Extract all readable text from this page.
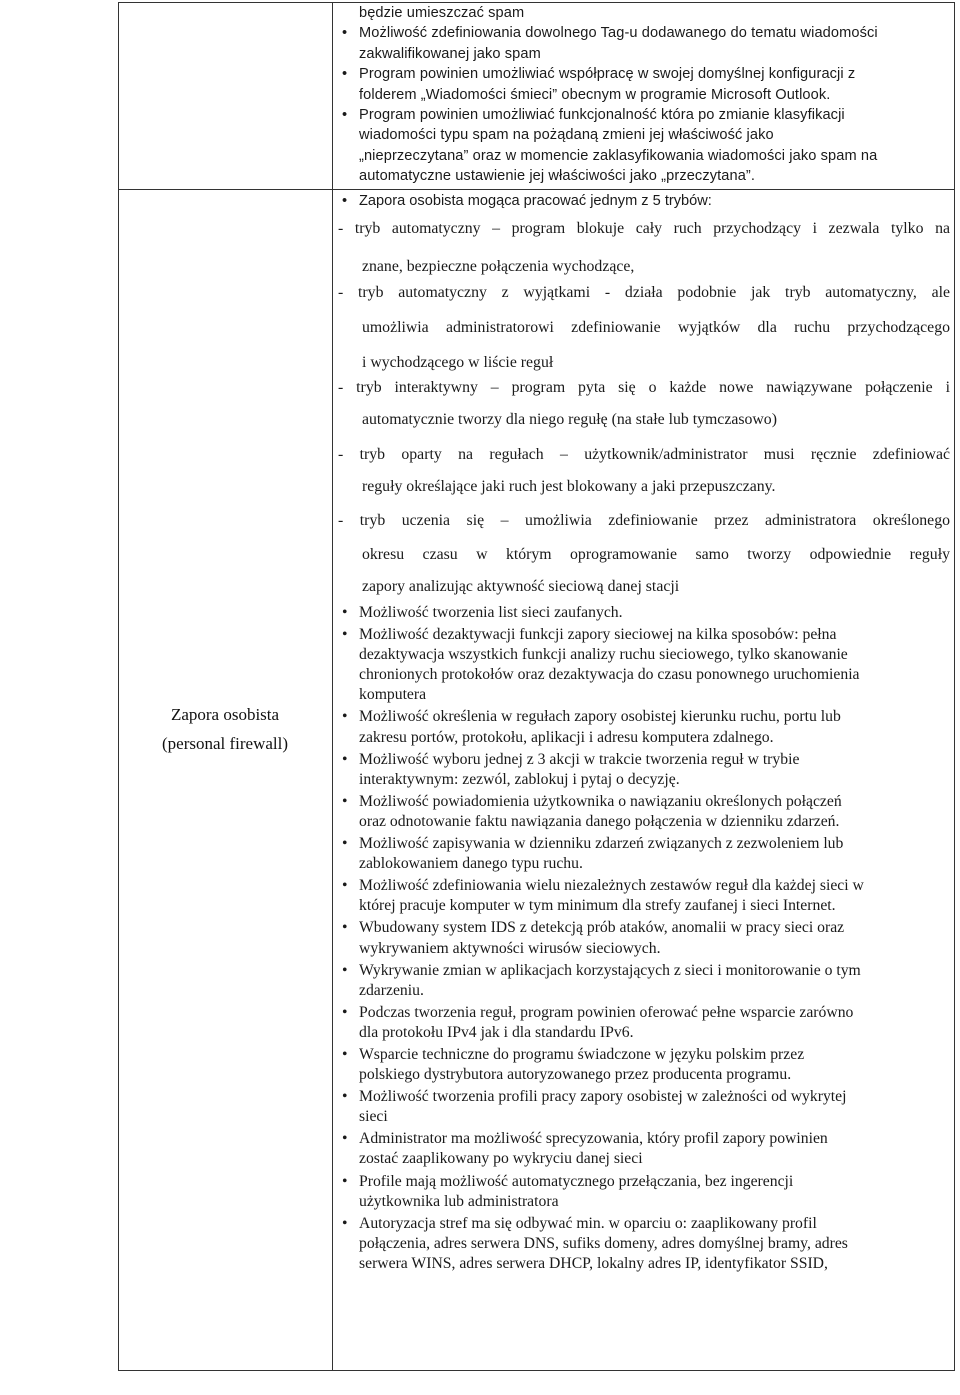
będzie umieszczać spam
• Możliwość zdefiniowania dowolnego Tag-u dodawanego do tematu wiadomości
zakwalifikowanej jako spam
• Program powinien umożliwiać współpracę w swojej domyślnej konfiguracji z
folderem „Wiadomości śmieci” obecnym w programie Microsoft Outlook.
• Program powinien umożliwiać funkcjonalność która po zmianie klasyfikacji
wiadomości typu spam na pożądaną zmieni jej właściwość jako
„nieprzeczytana” oraz w momencie zaklasyfikowania wiadomości jako spam na
automatyczne ustawienie jej właściwości jako „przeczytana”.
Zapora osobista
(personal firewall)
• Zapora osobista mogąca pracować jednym z 5 trybów:
- tryb automatyczny – program blokuje cały ruch przychodzący i zezwala tylko na
znane, bezpieczne połączenia wychodzące,
- tryb automatyczny z wyjątkami - działa podobnie jak tryb automatyczny, ale
umożliwia administratorowi zdefiniowanie wyjątków dla ruchu przychodzącego
i wychodzącego w liście reguł
- tryb interaktywny – program pyta się o każde nowe nawiązywane połączenie i
automatycznie tworzy dla niego regułę (na stałe lub tymczasowo)
- tryb oparty na regułach – użytkownik/administrator musi ręcznie zdefiniować
reguły określające jaki ruch jest blokowany a jaki przepuszczany.
- tryb uczenia się – umożliwia zdefiniowanie przez administratora określonego
okresu czasu w którym oprogramowanie samo tworzy odpowiednie reguły
zapory analizując aktywność sieciową danej stacji
• Możliwość tworzenia list sieci zaufanych.
• Możliwość dezaktywacji funkcji zapory sieciowej na kilka sposobów: pełna
dezaktywacja wszystkich funkcji analizy ruchu sieciowego, tylko skanowanie
chronionych protokołów oraz dezaktywacja do czasu ponownego uruchomienia
komputera
• Możliwość określenia w regułach zapory osobistej kierunku ruchu, portu lub
zakresu portów, protokołu, aplikacji i adresu komputera zdalnego.
• Możliwość wyboru jednej z 3 akcji w trakcie tworzenia reguł w trybie
interaktywnym: zezwól, zablokuj i pytaj o decyzję.
• Możliwość powiadomienia użytkownika o nawiązaniu określonych połączeń
oraz odnotowanie faktu nawiązania danego połączenia w dzienniku zdarzeń.
• Możliwość zapisywania w dzienniku zdarzeń związanych z zezwoleniem lub
zablokowaniem danego typu ruchu.
• Możliwość zdefiniowania wielu niezależnych zestawów reguł dla każdej sieci w
której pracuje komputer w tym minimum dla strefy zaufanej i sieci Internet.
• Wbudowany system IDS z detekcją prób ataków, anomalii w pracy sieci oraz
wykrywaniem aktywności wirusów sieciowych.
• Wykrywanie zmian w aplikacjach korzystających z sieci i monitorowanie o tym
zdarzeniu.
• Podczas tworzenia reguł, program powinien oferować pełne wsparcie zarówno
dla protokołu IPv4 jak i dla standardu IPv6.
• Wsparcie techniczne do programu świadczone w języku polskim przez
polskiego dystrybutora autoryzowanego przez producenta programu.
• Możliwość tworzenia profili pracy zapory osobistej w zależności od wykrytej
sieci
• Administrator ma możliwość sprecyzowania, który profil zapory powinien
zostać zaaplikowany po wykryciu danej sieci
• Profile mają możliwość automatycznego przełączania, bez ingerencji
użytkownika lub administratora
• Autoryzacja stref ma się odbywać min. w oparciu o: zaaplikowany profil
połączenia, adres serwera DNS, sufiks domeny, adres domyślnej bramy, adres
serwera WINS, adres serwera DHCP, lokalny adres IP, identyfikator SSID,
